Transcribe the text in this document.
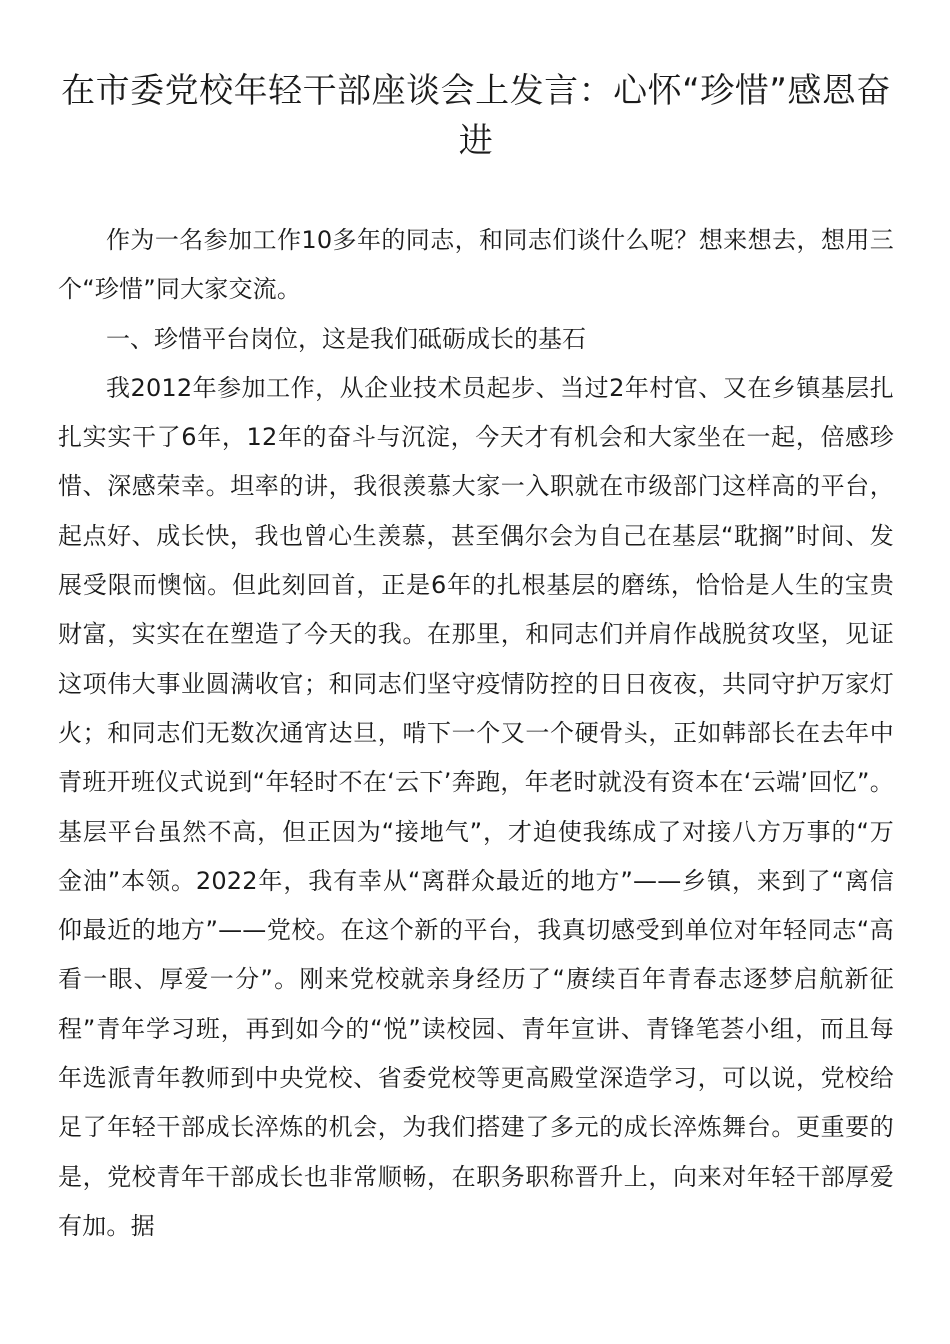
在市委党校年轻干部座谈会上发言：心怀“珍惜”感恩奋进

作为一名参加工作10多年的同志，和同志们谈什么呢？想来想去，想用三个“珍惜”同大家交流。

一、珍惜平台岗位，这是我们砥砺成长的基石

我2012年参加工作，从企业技术员起步、当过2年村官、又在乡镇基层扎扎实实干了6年，12年的奋斗与沉淀，今天才有机会和大家坐在一起，倍感珍惜、深感荣幸。坦率的讲，我很羡慕大家一入职就在市级部门这样高的平台，起点好、成长快，我也曾心生羡慕，甚至偶尔会为自己在基层“耽搁”时间、发展受限而懊恼。但此刻回首，正是6年的扎根基层的磨练，恰恰是人生的宝贵财富，实实在在塑造了今天的我。在那里，和同志们并肩作战脱贫攻坚，见证这项伟大事业圆满收官；和同志们坚守疫情防控的日日夜夜，共同守护万家灯火；和同志们无数次通宵达旦，啃下一个又一个硬骨头，正如韩部长在去年中青班开班仪式说到“年轻时不在‘云下’奔跑，年老时就没有资本在‘云端’回忆”。基层平台虽然不高，但正因为“接地气”，才迫使我练成了对接八方万事的“万金油”本领。2022年，我有幸从“离群众最近的地方”——乡镇，来到了“离信仰最近的地方”——党校。在这个新的平台，我真切感受到单位对年轻同志“高看一眼、厚爱一分”。刚来党校就亲身经历了“赓续百年青春志逐梦启航新征程”青年学习班，再到如今的“悦”读校园、青年宣讲、青锋笔荟小组，而且每年选派青年教师到中央党校、省委党校等更高殿堂深造学习，可以说，党校给足了年轻干部成长淬炼的机会，为我们搭建了多元的成长淬炼舞台。更重要的是，党校青年干部成长也非常顺畅，在职务职称晋升上，向来对年轻干部厚爱有加。据
